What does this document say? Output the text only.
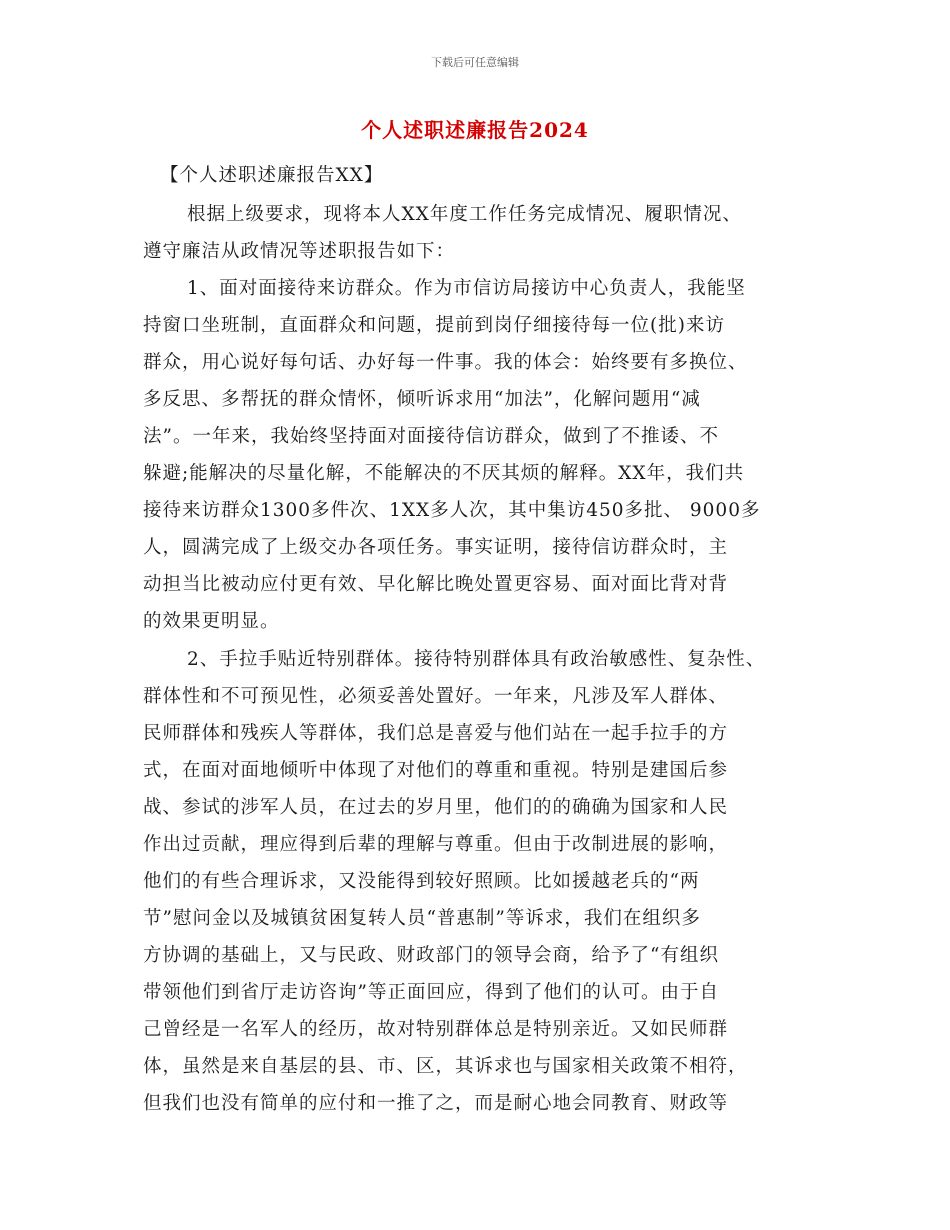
下载后可任意编辑
个人述职述廉报告2024
【个人述职述廉报告XX】
根据上级要求，现将本人XX年度工作任务完成情况、履职情况、
遵守廉洁从政情况等述职报告如下：
1、面对面接待来访群众。作为市信访局接访中心负责人，我能坚
持窗口坐班制，直面群众和问题，提前到岗仔细接待每一位(批)来访
群众，用心说好每句话、办好每一件事。我的体会：始终要有多换位、
多反思、多帮抚的群众情怀，倾听诉求用“加法”，化解问题用“减
法”。一年来，我始终坚持面对面接待信访群众，做到了不推诿、不
躲避;能解决的尽量化解，不能解决的不厌其烦的解释。XX年，我们共
接待来访群众1300多件次、1XX多人次，其中集访450多批、 9000多
人，圆满完成了上级交办各项任务。事实证明，接待信访群众时，主
动担当比被动应付更有效、早化解比晚处置更容易、面对面比背对背
的效果更明显。
2、手拉手贴近特别群体。接待特别群体具有政治敏感性、复杂性、
群体性和不可预见性，必须妥善处置好。一年来，凡涉及军人群体、
民师群体和残疾人等群体，我们总是喜爱与他们站在一起手拉手的方
式，在面对面地倾听中体现了对他们的尊重和重视。特别是建国后参
战、参试的涉军人员，在过去的岁月里，他们的的确确为国家和人民
作出过贡献，理应得到后辈的理解与尊重。但由于改制进展的影响，
他们的有些合理诉求，又没能得到较好照顾。比如援越老兵的“两
节”慰问金以及城镇贫困复转人员“普惠制”等诉求，我们在组织多
方协调的基础上，又与民政、财政部门的领导会商，给予了“有组织
带领他们到省厅走访咨询”等正面回应，得到了他们的认可。由于自
己曾经是一名军人的经历，故对特别群体总是特别亲近。又如民师群
体，虽然是来自基层的县、市、区，其诉求也与国家相关政策不相符，
但我们也没有简单的应付和一推了之，而是耐心地会同教育、财政等
